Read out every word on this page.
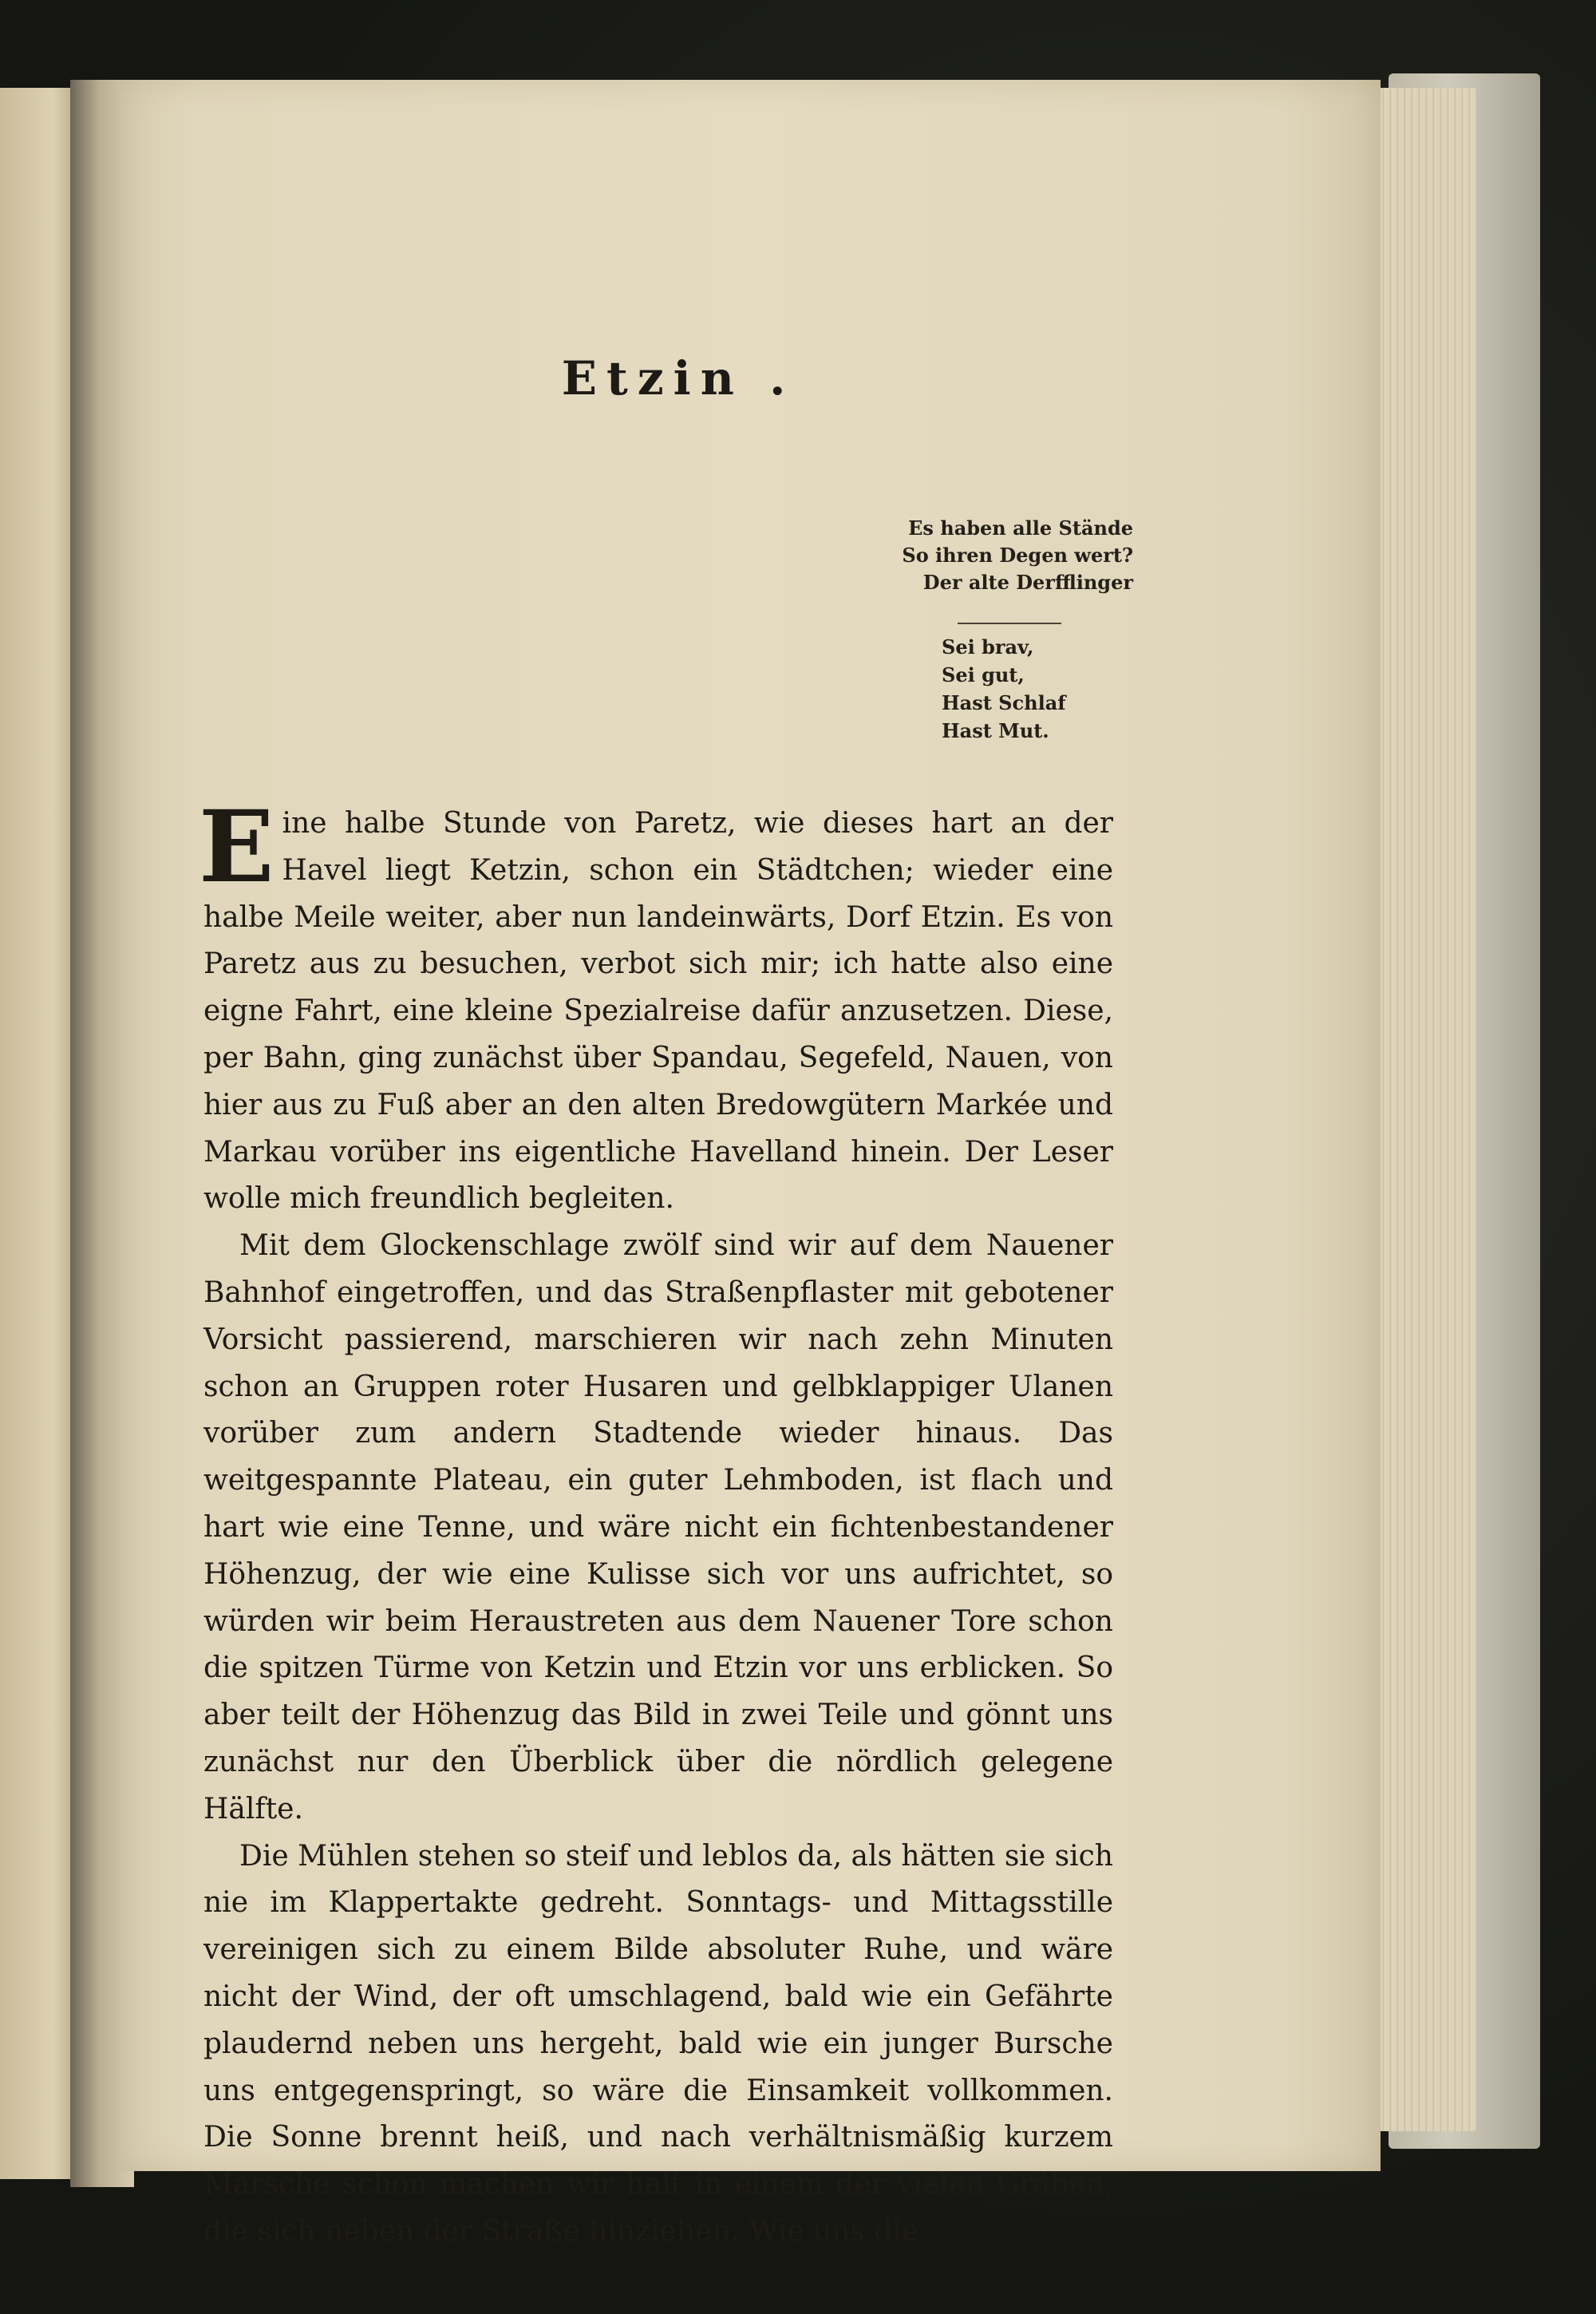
Etzin .
Es haben alle Stände
So ihren Degen wert?
Der alte Derfflinger
Sei brav,
Sei gut,
Hast Schlaf
Hast Mut.

Eine halbe Stunde von Paretz, wie dieses hart an der Havel liegt Ketzin, schon ein Städtchen; wieder eine halbe Meile weiter, aber nun landeinwärts, Dorf Etzin. Es von Paretz aus zu besuchen, verbot sich mir; ich hatte also eine eigne Fahrt, eine kleine Spezialreise dafür anzusetzen. Diese, per Bahn, ging zunächst über Spandau, Segefeld, Nauen, von hier aus zu Fuß aber an den alten Bredowgütern Markée und Markau vorüber ins eigentliche Havelland hinein. Der Leser wolle mich freundlich begleiten.

Mit dem Glockenschlage zwölf sind wir auf dem Nauener Bahnhof eingetroffen, und das Straßenpflaster mit gebotener Vorsicht passierend, marschieren wir nach zehn Minuten schon an Gruppen roter Husaren und gelbklappiger Ulanen vorüber zum andern Stadtende wieder hinaus. Das weitgespannte Plateau, ein guter Lehmboden, ist flach und hart wie eine Tenne, und wäre nicht ein fichtenbestandener Höhenzug, der wie eine Kulisse sich vor uns aufrichtet, so würden wir beim Heraustreten aus dem Nauener Tore schon die spitzen Türme von Ketzin und Etzin vor uns erblicken. So aber teilt der Höhenzug das Bild in zwei Teile und gönnt uns zunächst nur den Überblick über die nördlich gelegene Hälfte.

Die Mühlen stehen so steif und leblos da, als hätten sie sich nie im Klappertakte gedreht. Sonntags- und Mittagsstille vereinigen sich zu einem Bilde absoluter Ruhe, und wäre nicht der Wind, der oft umschlagend, bald wie ein Gefährte plaudernd neben uns hergeht, bald wie ein junger Bursche uns entgegenspringt, so wäre die Einsamkeit vollkommen. Die Sonne brennt heiß, und nach verhältnismäßig kurzem Marsche schon machen wir halt in einem der vielen Gräben, die sich neben der Straße hinziehen. Wie uns die
